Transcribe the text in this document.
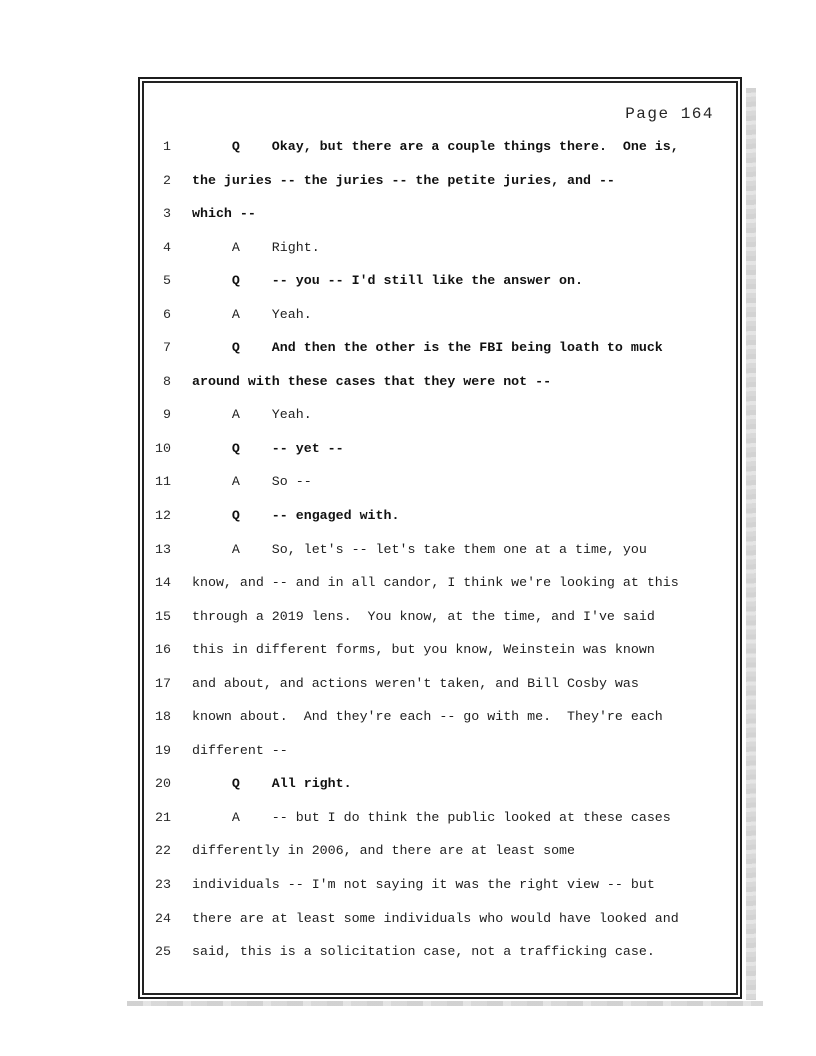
Page 164
1 Q    Okay, but there are a couple things there.  One is,
2 the juries -- the juries -- the petite juries, and --
3 which --
4 A    Right.
5 Q    -- you -- I'd still like the answer on.
6 A    Yeah.
7 Q    And then the other is the FBI being loath to muck
8 around with these cases that they were not --
9 A    Yeah.
10 Q    -- yet --
11 A    So --
12 Q    -- engaged with.
13 A    So, let's -- let's take them one at a time, you
14 know, and -- and in all candor, I think we're looking at this
15 through a 2019 lens.  You know, at the time, and I've said
16 this in different forms, but you know, Weinstein was known
17 and about, and actions weren't taken, and Bill Cosby was
18 known about.  And they're each -- go with me.  They're each
19 different --
20 Q    All right.
21 A    -- but I do think the public looked at these cases
22 differently in 2006, and there are at least some
23 individuals -- I'm not saying it was the right view -- but
24 there are at least some individuals who would have looked and
25 said, this is a solicitation case, not a trafficking case.
